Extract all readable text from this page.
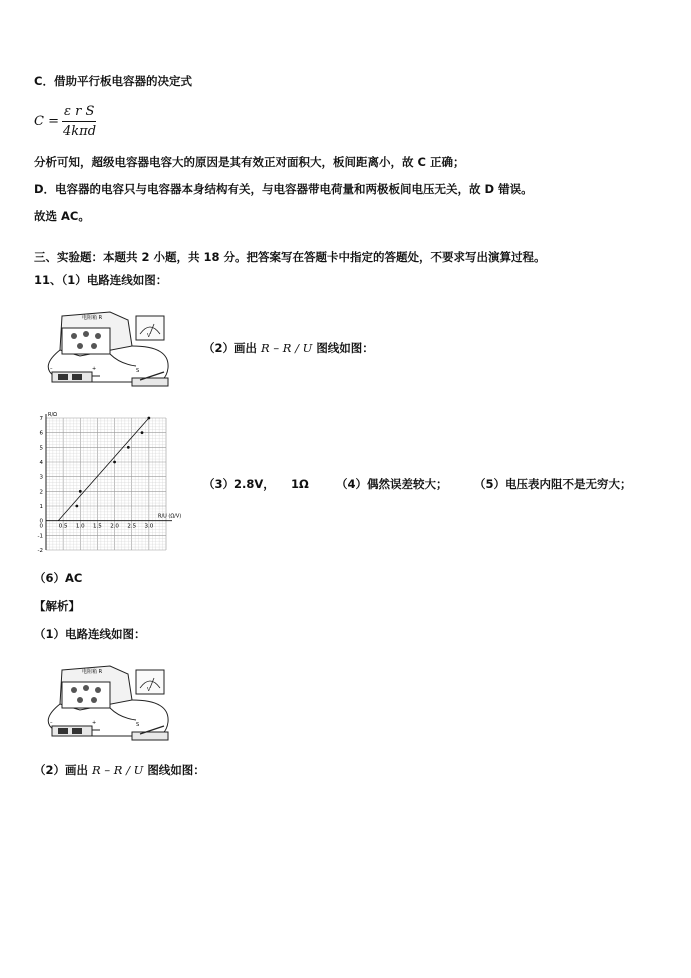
C．借助平行板电容器的决定式
C =
ε r S
4kπd
分析可知，超级电容器电容大的原因是其有效正对面积大，板间距离小，故 C 正确；
D．电容器的电容只与电容器本身结构有关，与电容器带电荷量和两极板间电压无关，故 D 错误。
故选 AC。
三、实验题：本题共 2 小题，共 18 分。把答案写在答题卡中指定的答题处，不要求写出演算过程。
11、（1）电路连线如图：
电阻箱 R
V
–	+	S
（2）画出 R – R / U 图线如图：
-2
-1
0
1
2
3
4
5
6
7
0.5 1.0 1.5 2.0 2.5 3.0
0
R/Ω
R/U (Ω/V)
（3）2.8V， 1Ω （4）偶然误差较大； （5）电压表内阻不是无穷大；
（6）AC
【解析】
（1）电路连线如图：
电阻箱 R
V
–	+	S
（2）画出 R – R / U 图线如图：
